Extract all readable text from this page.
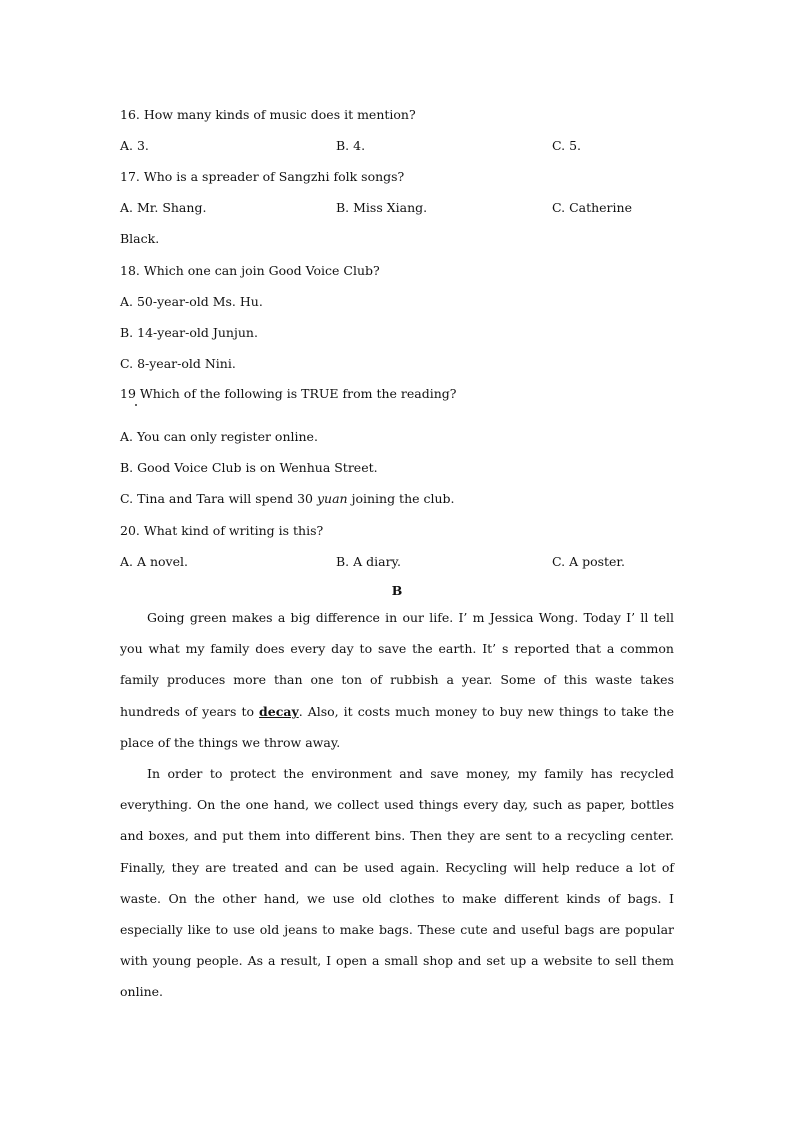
16. How many kinds of music does it mention?
A. 3.	B. 4.	C. 5.
17. Who is a spreader of Sangzhi folk songs?
A. Mr. Shang.	B. Miss Xiang.	C. Catherine
Black.
18. Which one can join Good Voice Club?
A. 50-year-old Ms. Hu.
B. 14-year-old Junjun.
C. 8-year-old Nini.
19 Which of the following is TRUE from the reading?
A. You can only register online.
B. Good Voice Club is on Wenhua Street.
C. Tina and Tara will spend 30 yuan joining the club.
20. What kind of writing is this?
A. A novel.	B. A diary.	C. A poster.
B
Going green makes a big difference in our life. I’ m Jessica Wong. Today I’ ll tell you what my family does every day to save the earth. It’ s reported that a common family produces more than one ton of rubbish a year. Some of this waste takes hundreds of years to decay. Also, it costs much money to buy new things to take the place of the things we throw away.
In order to protect the environment and save money, my family has recycled everything. On the one hand, we collect used things every day, such as paper, bottles and boxes, and put them into different bins. Then they are sent to a recycling center. Finally, they are treated and can be used again. Recycling will help reduce a lot of waste. On the other hand, we use old clothes to make different kinds of bags. I especially like to use old jeans to make bags. These cute and useful bags are popular with young people. As a result, I open a small shop and set up a website to sell them online.
